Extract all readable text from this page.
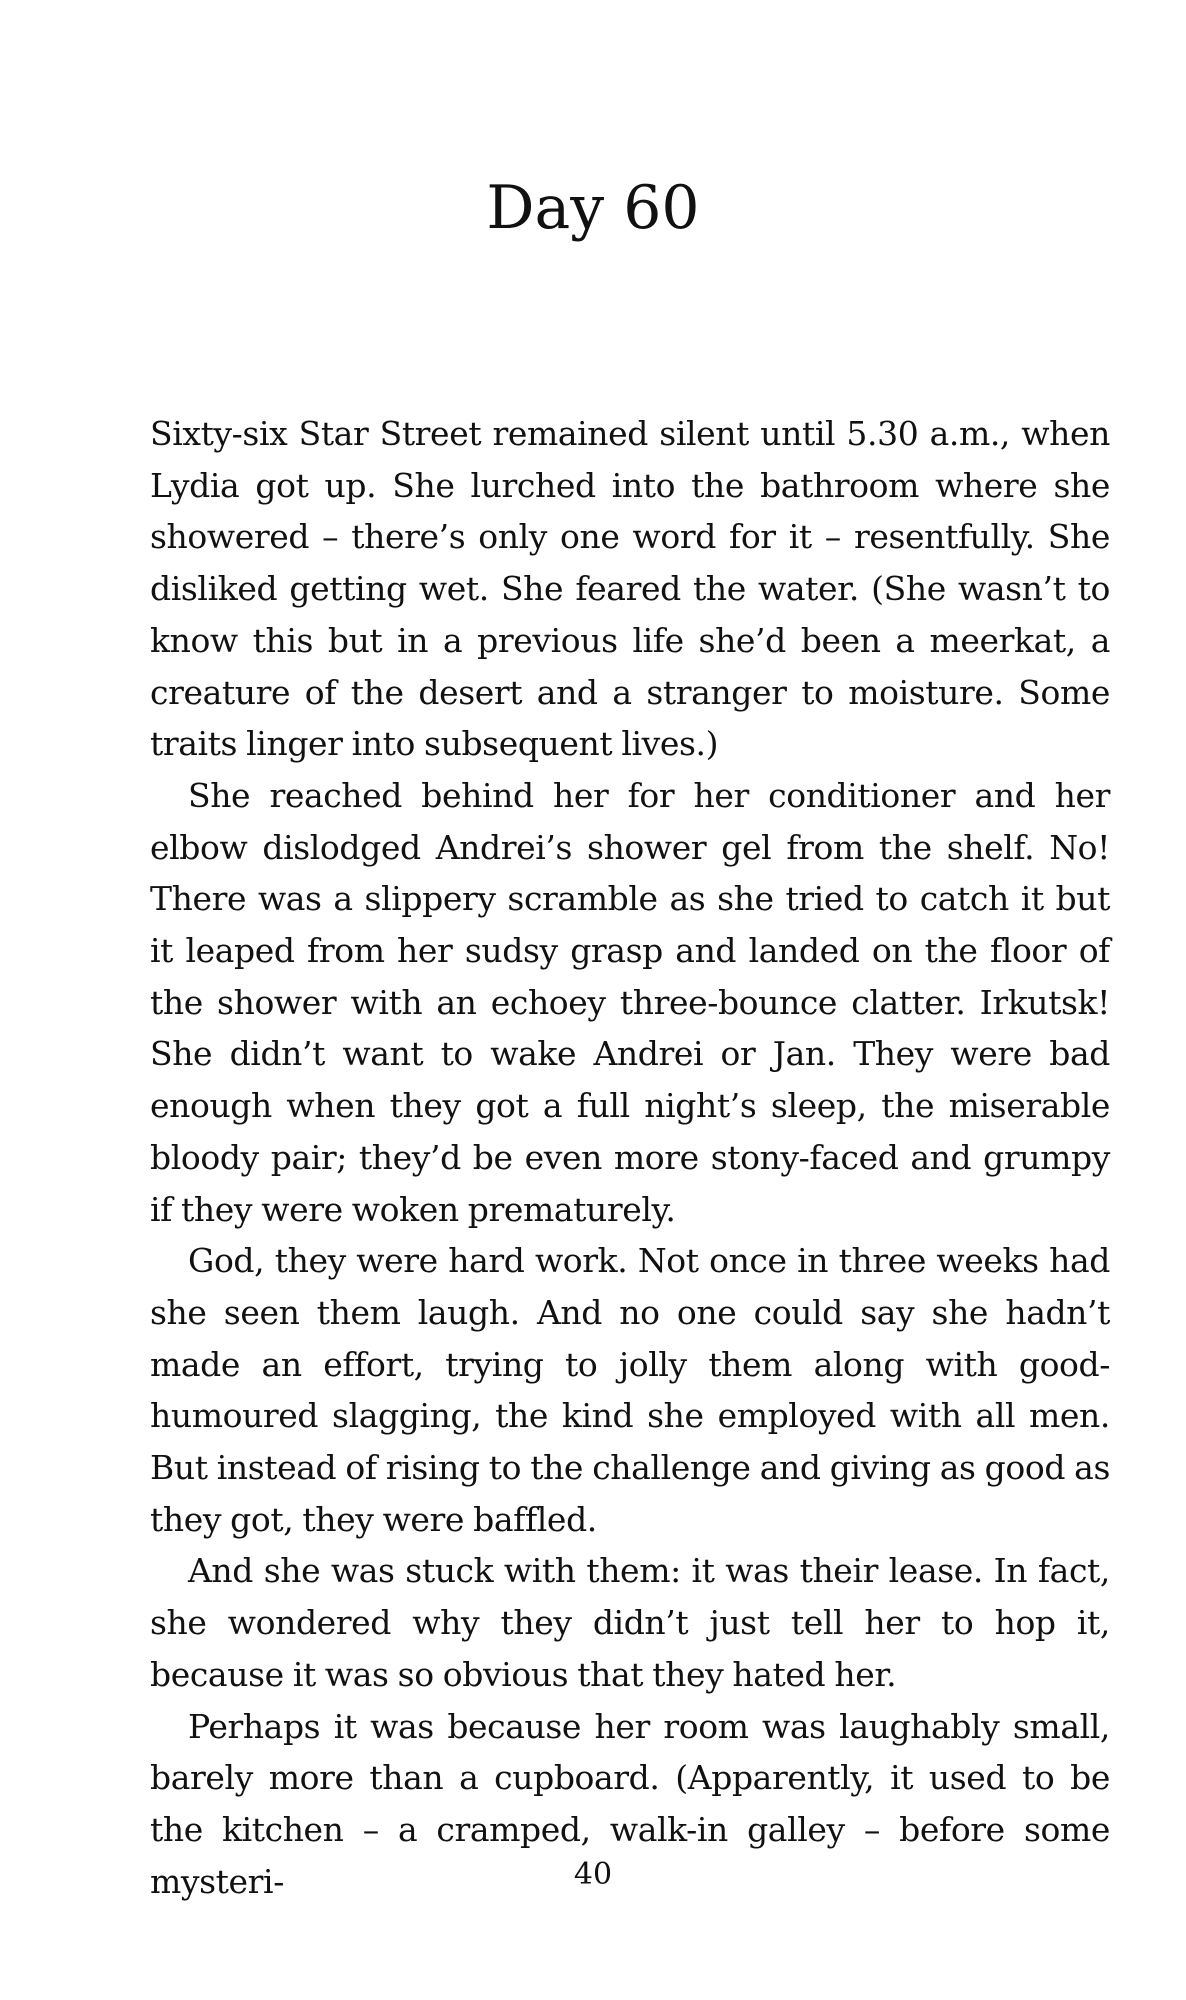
Day 60

Sixty-six Star Street remained silent until 5.30 a.m., when Lydia got up. She lurched into the bathroom where she showered – there’s only one word for it – resentfully. She disliked getting wet. She feared the water. (She wasn’t to know this but in a previous life she’d been a meerkat, a creature of the desert and a stranger to moisture. Some traits linger into subsequent lives.)

She reached behind her for her conditioner and her elbow dislodged Andrei’s shower gel from the shelf. No! There was a slippery scramble as she tried to catch it but it leaped from her sudsy grasp and landed on the floor of the shower with an echoey three-bounce clatter. Irkutsk! She didn’t want to wake Andrei or Jan. They were bad enough when they got a full night’s sleep, the miserable bloody pair; they’d be even more stony-faced and grumpy if they were woken prematurely.

God, they were hard work. Not once in three weeks had she seen them laugh. And no one could say she hadn’t made an effort, trying to jolly them along with good-humoured slagging, the kind she employed with all men. But instead of rising to the challenge and giving as good as they got, they were baffled.

And she was stuck with them: it was their lease. In fact, she wondered why they didn’t just tell her to hop it, because it was so obvious that they hated her.

Perhaps it was because her room was laughably small, barely more than a cupboard. (Apparently, it used to be the kitchen – a cramped, walk-in galley – before some mysteri-	40
